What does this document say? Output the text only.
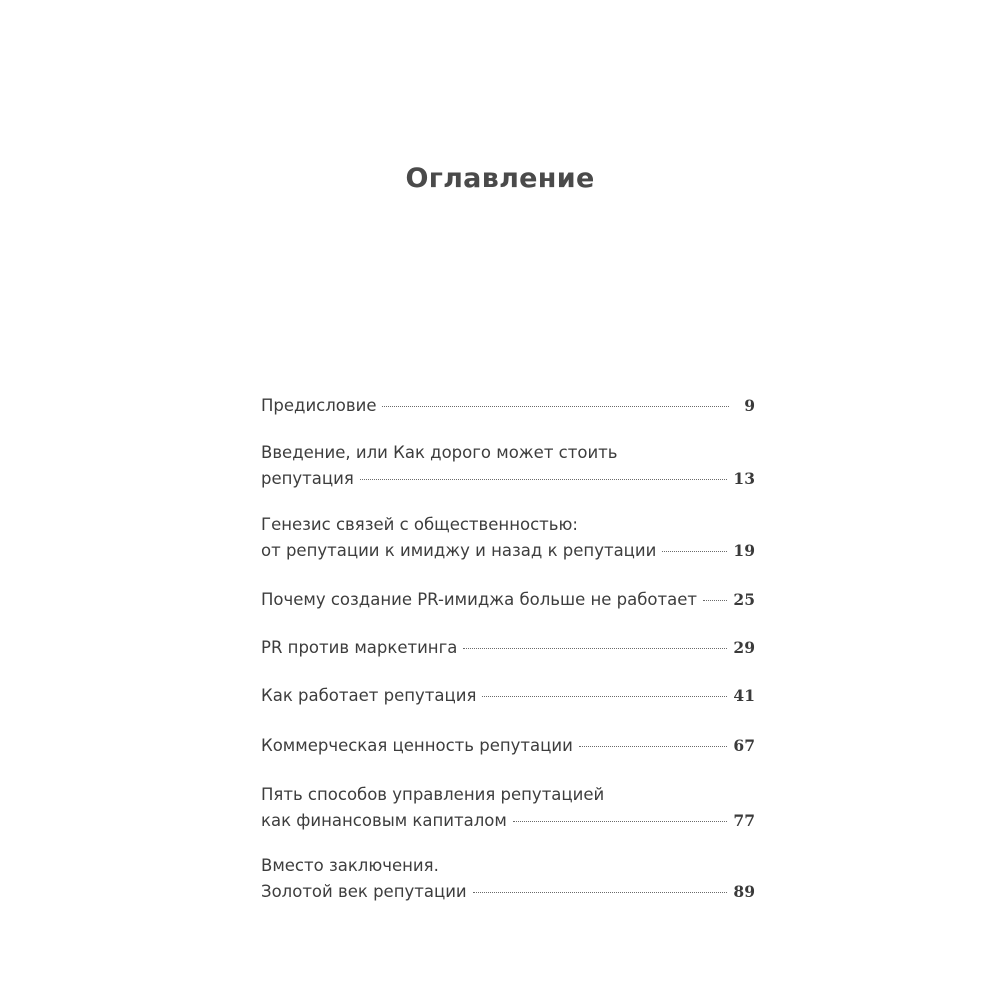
Оглавление
Предисловие	9
Введение, или Как дорого может стоить
репутация	13
Генезис связей с общественностью:
от репутации к имиджу и назад к репутации	19
Почему создание PR-имиджа больше не работает 25
PR против маркетинга	29
Как работает репутация	41
Коммерческая ценность репутации	67
Пять способов управления репутацией
как финансовым капиталом	77
Вместо заключения.
Золотой век репутации	89
